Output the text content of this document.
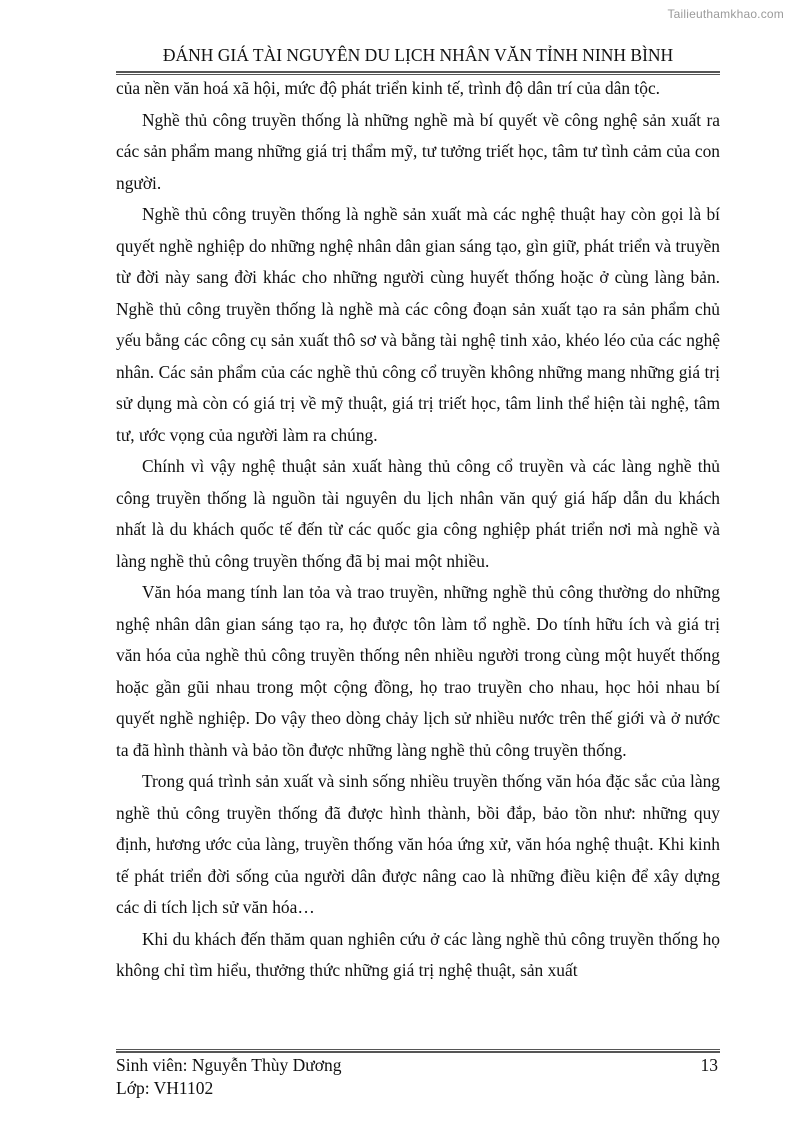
Tailieuthamkhao.com
ĐÁNH GIÁ TÀI NGUYÊN DU LỊCH NHÂN VĂN TỈNH NINH BÌNH

của nền văn hoá xã hội, mức độ phát triển kinh tế, trình độ dân trí của dân tộc.

Nghề thủ công truyền thống là những nghề mà bí quyết về công nghệ sản xuất ra các sản phẩm mang những giá trị thẩm mỹ, tư tưởng triết học, tâm tư tình cảm của con người.

Nghề thủ công truyền thống là nghề sản xuất mà các nghệ thuật hay còn gọi là bí quyết nghề nghiệp do những nghệ nhân dân gian sáng tạo, gìn giữ, phát triển và truyền từ đời này sang đời khác cho những người cùng huyết thống hoặc ở cùng làng bản. Nghề thủ công truyền thống là nghề mà các công đoạn sản xuất tạo ra sản phẩm chủ yếu bằng các công cụ sản xuất thô sơ và bằng tài nghệ tinh xảo, khéo léo của các nghệ nhân. Các sản phẩm của các nghề thủ công cổ truyền không những mang những giá trị sử dụng mà còn có giá trị về mỹ thuật, giá trị triết học, tâm linh thể hiện tài nghệ, tâm tư, ước vọng của người làm ra chúng.

Chính vì vậy nghệ thuật sản xuất hàng thủ công cổ truyền và các làng nghề thủ công truyền thống là nguồn tài nguyên du lịch nhân văn quý giá hấp dẫn du khách nhất là du khách quốc tế đến từ các quốc gia công nghiệp phát triển nơi mà nghề và làng nghề thủ công truyền thống đã bị mai một nhiều.

Văn hóa mang tính lan tỏa và trao truyền, những nghề thủ công thường do những nghệ nhân dân gian sáng tạo ra, họ được tôn làm tổ nghề. Do tính hữu ích và giá trị văn hóa của nghề thủ công truyền thống nên nhiều người trong cùng một huyết thống hoặc gần gũi nhau trong một cộng đồng, họ trao truyền cho nhau, học hỏi nhau bí quyết nghề nghiệp. Do vậy theo dòng chảy lịch sử nhiều nước trên thế giới và ở nước ta đã hình thành và bảo tồn được những làng nghề thủ công truyền thống.

Trong quá trình sản xuất và sinh sống nhiều truyền thống văn hóa đặc sắc của làng nghề thủ công truyền thống đã được hình thành, bồi đắp, bảo tồn như: những quy định, hương ước của làng, truyền thống văn hóa ứng xử, văn hóa nghệ thuật. Khi kinh tế phát triển đời sống của người dân được nâng cao là những điều kiện để xây dựng các di tích lịch sử văn hóa…

Khi du khách đến thăm quan nghiên cứu ở các làng nghề thủ công truyền thống họ không chỉ tìm hiểu, thưởng thức những giá trị nghệ thuật, sản xuất

Sinh viên: Nguyễn Thùy Dương
Lớp: VH1102
13
